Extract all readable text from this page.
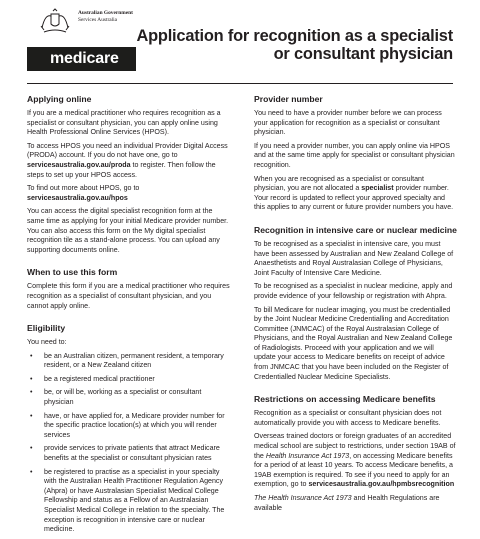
Australian Government
Services Australia
medicare
Application for recognition as a specialist
or consultant physician
Applying online

If you are a medical practitioner who requires recognition as a specialist or consultant physician, you can apply online using Health Professional Online Services (HPOS).

To access HPOS you need an individual Provider Digital Access (PRODA) account. If you do not have one, go to servicesaustralia.gov.au/proda to register. Then follow the steps to set up your HPOS access.

To find out more about HPOS, go to servicesaustralia.gov.au/hpos

You can access the digital specialist recognition form at the same time as applying for your initial Medicare provider number. You can also access this form on the My digital specialist recognition tile as a stand-alone process. You can upload any supporting documents online.

When to use this form

Complete this form if you are a medical practitioner who requires recognition as a specialist of consultant physician, and you cannot apply online.

Eligibility

You need to:

• be an Australian citizen, permanent resident, a temporary resident, or a New Zealand citizen
• be a registered medical practitioner
• be, or will be, working as a specialist or consultant physician
• have, or have applied for, a Medicare provider number for the specific practice location(s) at which you will render services
• provide services to private patients that attract Medicare benefits at the specialist or consultant physician rates
• be registered to practise as a specialist in your specialty with the Australian Health Practitioner Regulation Agency (Ahpra) or have Australasian Specialist Medical College Fellowship and status as a Fellow of an Australasian Specialist Medical College in relation to the specialty. The exception is recognition in intensive care or nuclear medicine.
Provider number

You need to have a provider number before we can process your application for recognition as a specialist or consultant physician.

If you need a provider number, you can apply online via HPOS and at the same time apply for specialist or consultant physician recognition.

When you are recognised as a specialist or consultant physician, you are not allocated a specialist provider number. Your record is updated to reflect your approved specialty and this applies to any current or future provider numbers you have.

Recognition in intensive care or nuclear medicine

To be recognised as a specialist in intensive care, you must have been assessed by Australian and New Zealand College of Anaesthetists and Royal Australasian College of Physicians, Joint Faculty of Intensive Care Medicine.

To be recognised as a specialist in nuclear medicine, apply and provide evidence of your fellowship or registration with Ahpra.

To bill Medicare for nuclear imaging, you must be credentialled by the Joint Nuclear Medicine Credentialling and Accreditation Committee (JNMCAC) of the Royal Australasian College of Physicians, and the Royal Australian and New Zealand College of Radiologists. Proceed with your application and we will update your access to Medicare benefits on receipt of advice from JNMCAC that you have been included on the Register of Credentialled Nuclear Medicine Specialists.

Restrictions on accessing Medicare benefits

Recognition as a specialist or consultant physician does not automatically provide you with access to Medicare benefits.

Overseas trained doctors or foreign graduates of an accredited medical school are subject to restrictions, under section 19AB of the Health Insurance Act 1973, on accessing Medicare benefits for a period of at least 10 years. To access Medicare benefits, a 19AB exemption is required. To see if you need to apply for an exemption, go to servicesaustralia.gov.au/hpmbsrecognition

The Health Insurance Act 1973 and Health Regulations are available
